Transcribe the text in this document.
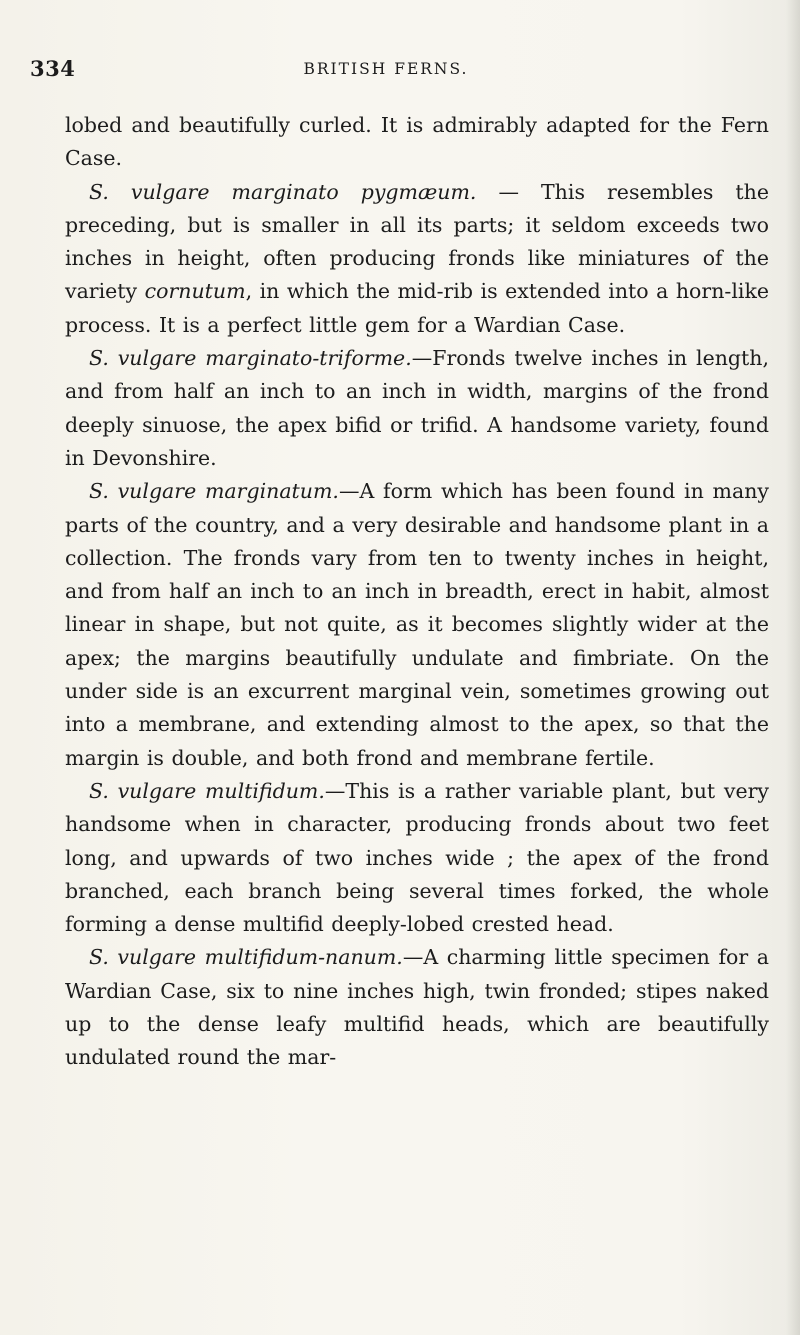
334	BRITISH FERNS.

lobed and beautifully curled. It is admirably adapted for the Fern Case.

S. vulgare marginato pygmæum. — This resembles the preceding, but is smaller in all its parts; it seldom exceeds two inches in height, often producing fronds like miniatures of the variety cornutum, in which the mid-rib is extended into a horn-like process. It is a perfect little gem for a Wardian Case.

S. vulgare marginato-triforme.—Fronds twelve inches in length, and from half an inch to an inch in width, margins of the frond deeply sinuose, the apex bifid or trifid. A handsome variety, found in Devonshire.

S. vulgare marginatum.—A form which has been found in many parts of the country, and a very desirable and handsome plant in a collection. The fronds vary from ten to twenty inches in height, and from half an inch to an inch in breadth, erect in habit, almost linear in shape, but not quite, as it becomes slightly wider at the apex; the margins beautifully undulate and fimbriate. On the under side is an excurrent marginal vein, sometimes growing out into a membrane, and extending almost to the apex, so that the margin is double, and both frond and membrane fertile.

S. vulgare multifidum.—This is a rather variable plant, but very handsome when in character, producing fronds about two feet long, and upwards of two inches wide ; the apex of the frond branched, each branch being several times forked, the whole forming a dense multifid deeply-lobed crested head.

S. vulgare multifidum-nanum.—A charming little specimen for a Wardian Case, six to nine inches high, twin fronded; stipes naked up to the dense leafy multifid heads, which are beautifully undulated round the mar-
